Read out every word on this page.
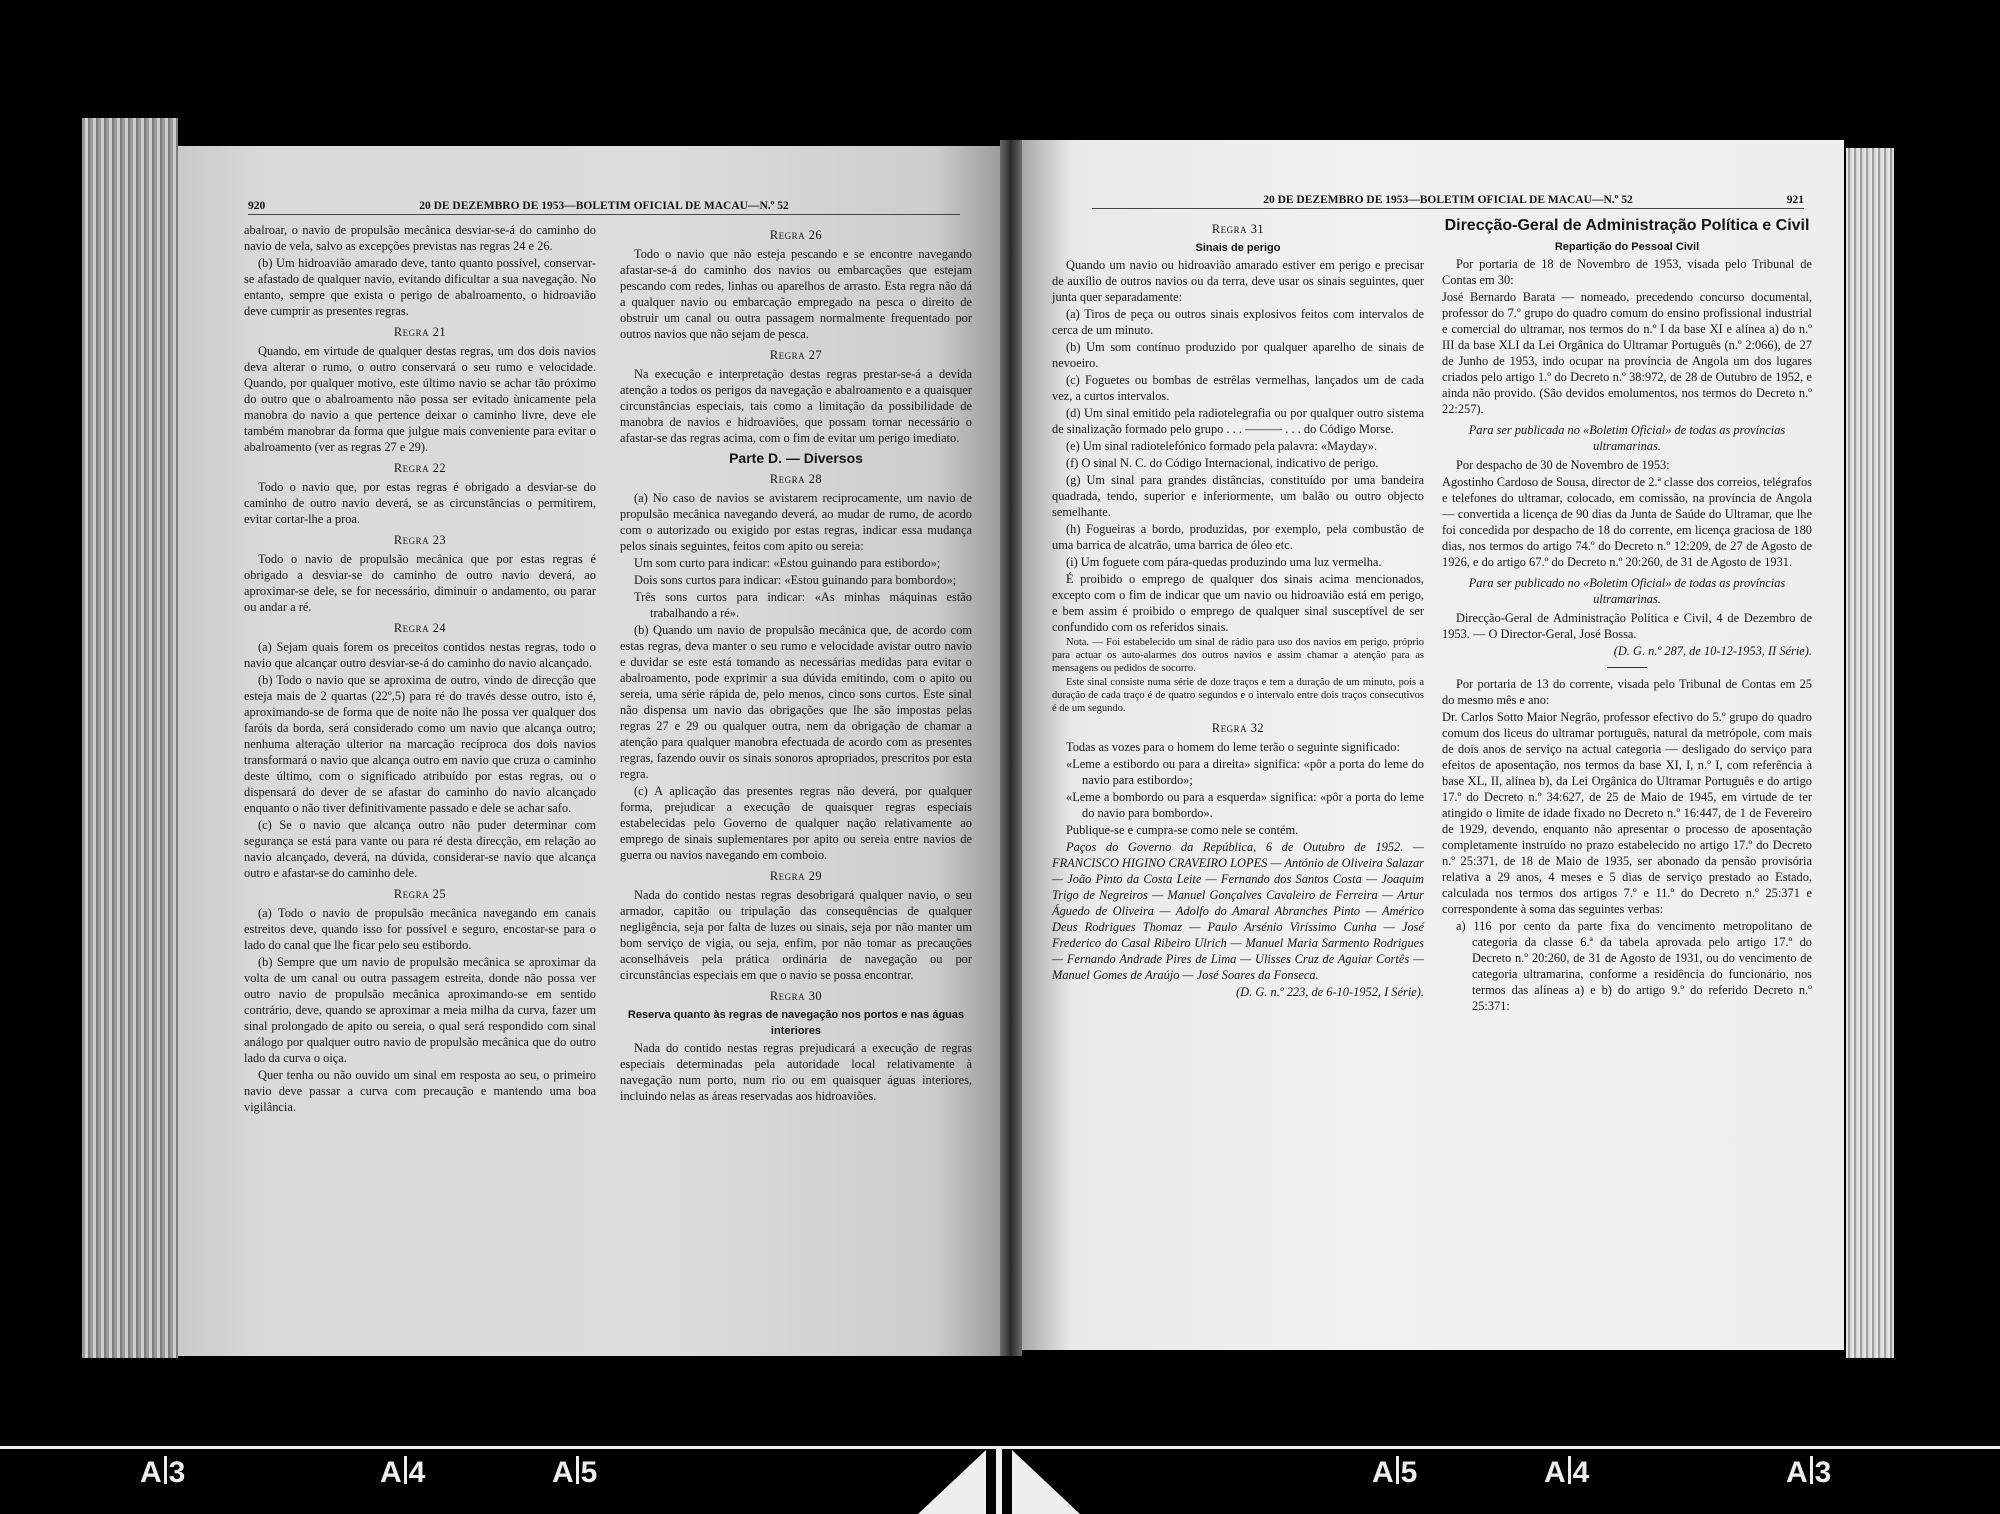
920	20 DE DEZEMBRO DE 1953—BOLETIM OFICIAL DE MACAU—N.º 52

abalroar, o navio de propulsão mecânica desviar-se-á do caminho do navio de vela, salvo as excepções previstas nas regras 24 e 26.

(b) Um hidroavião amarado deve, tanto quanto possível, conservar-se afastado de qualquer navio, evitando dificultar a sua navegação. No entanto, sempre que exista o perigo de abalroamento, o hidroavião deve cumprir as presentes regras.

Regra 21

Quando, em virtude de qualquer destas regras, um dos dois navios deva alterar o rumo, o outro conservará o seu rumo e velocidade. Quando, por qualquer motivo, este último navio se achar tão próximo do outro que o abalroamento não possa ser evitado ùnicamente pela manobra do navio a que pertence deixar o caminho livre, deve ele também manobrar da forma que julgue mais conveniente para evitar o abalroamento (ver as regras 27 e 29).

Regra 22

Todo o navio que, por estas regras é obrigado a desviar-se do caminho de outro navio deverá, se as circunstâncias o permitirem, evitar cortar-lhe a proa.

Regra 23

Todo o navio de propulsão mecânica que por estas regras é obrigado a desviar-se do caminho de outro navio deverá, ao aproximar-se dele, se for necessário, diminuir o andamento, ou parar ou andar a ré.

Regra 24

(a) Sejam quais forem os preceitos contidos nestas regras, todo o navio que alcançar outro desviar-se-á do caminho do navio alcançado.

(b) Todo o navio que se aproxima de outro, vindo de direcção que esteja mais de 2 quartas (22º,5) para ré do través desse outro, isto é, aproximando-se de forma que de noite não lhe possa ver qualquer dos faróis da borda, será considerado como um navio que alcança outro; nenhuma alteração ulterior na marcação recíproca dos dois navios transformará o navio que alcança outro em navio que cruza o caminho deste último, com o significado atribuído por estas regras, ou o dispensará do dever de se afastar do caminho do navio alcançado enquanto o não tiver definitivamente passado e dele se achar safo.

(c) Se o navio que alcança outro não puder determinar com segurança se está para vante ou para ré desta direcção, em relação ao navio alcançado, deverá, na dúvida, considerar-se navio que alcança outro e afastar-se do caminho dele.

Regra 25

(a) Todo o navio de propulsão mecânica navegando em canais estreitos deve, quando isso for possível e seguro, encostar-se para o lado do canal que lhe ficar pelo seu estibordo.

(b) Sempre que um navio de propulsão mecânica se aproximar da volta de um canal ou outra passagem estreita, donde não possa ver outro navio de propulsão mecânica aproximando-se em sentido contrário, deve, quando se aproximar a meia milha da curva, fazer um sinal prolongado de apito ou sereia, o qual será respondido com sinal análogo por qualquer outro navio de propulsão mecânica que do outro lado da curva o oiça.

Quer tenha ou não ouvido um sinal em resposta ao seu, o primeiro navio deve passar a curva com precaução e mantendo uma boa vigilância.

Regra 26

Todo o navio que não esteja pescando e se encontre navegando afastar-se-á do caminho dos navios ou embarcações que estejam pescando com redes, linhas ou aparelhos de arrasto. Esta regra não dá a qualquer navio ou embarcação empregado na pesca o direito de obstruir um canal ou outra passagem normalmente frequentado por outros navios que não sejam de pesca.

Regra 27

Na execução e interpretação destas regras prestar-se-á a devida atenção a todos os perigos da navegação e abalroamento e a quaisquer circunstâncias especiais, tais como a limitação da possibilidade de manobra de navios e hidroaviões, que possam tornar necessário o afastar-se das regras acima, com o fim de evitar um perigo imediato.

Parte D. — Diversos

Regra 28

(a) No caso de navios se avistarem reciprocamente, um navio de propulsão mecânica navegando deverá, ao mudar de rumo, de acordo com o autorizado ou exigido por estas regras, indicar essa mudança pelos sinais seguintes, feitos com apito ou sereia:

Um som curto para indicar: «Estou guinando para estibordo»;

Dois sons curtos para indicar: «Estou guinando para bombordo»;

Três sons curtos para indicar: «As minhas máquinas estão trabalhando a ré».

(b) Quando um navio de propulsão mecânica que, de acordo com estas regras, deva manter o seu rumo e velocidade avistar outro navio e duvidar se este está tomando as necessárias medidas para evitar o abalroamento, pode exprimir a sua dúvida emitindo, com o apito ou sereia, uma série rápida de, pelo menos, cinco sons curtos. Este sinal não dispensa um navio das obrigações que lhe são impostas pelas regras 27 e 29 ou qualquer outra, nem da obrigação de chamar a atenção para qualquer manobra efectuada de acordo com as presentes regras, fazendo ouvir os sinais sonoros apropriados, prescritos por esta regra.

(c) A aplicação das presentes regras não deverá, por qualquer forma, prejudicar a execução de quaisquer regras especiais estabelecidas pelo Governo de qualquer nação relativamente ao emprego de sinais suplementares por apito ou sereia entre navios de guerra ou navios navegando em comboio.

Regra 29

Nada do contido nestas regras desobrigará qualquer navio, o seu armador, capitão ou tripulação das consequências de qualquer negligência, seja por falta de luzes ou sinais, seja por não manter um bom serviço de vigia, ou seja, enfim, por não tomar as precauções aconselháveis pela prática ordinária de navegação ou por circunstâncias especiais em que o navio se possa encontrar.

Regra 30

Reserva quanto às regras de navegação nos portos e nas águas interiores

Nada do contido nestas regras prejudicará a execução de regras especiais determinadas pela autoridade local relativamente à navegação num porto, num rio ou em quaisquer águas interiores, incluindo nelas as áreas reservadas aos hidroaviões.

20 DE DEZEMBRO DE 1953—BOLETIM OFICIAL DE MACAU—N.º 52	921

Regra 31

Sinais de perigo

Quando um navio ou hidroavião amarado estiver em perigo e precisar de auxílio de outros navios ou da terra, deve usar os sinais seguintes, quer junta quer separadamente:

(a) Tiros de peça ou outros sinais explosivos feitos com intervalos de cerca de um minuto.

(b) Um som contínuo produzido por qualquer aparelho de sinais de nevoeiro.

(c) Foguetes ou bombas de estrêlas vermelhas, lançados um de cada vez, a curtos intervalos.

(d) Um sinal emitido pela radiotelegrafia ou por qualquer outro sistema de sinalização formado pelo grupo . . . ——— . . . do Código Morse.

(e) Um sinal radiotelefónico formado pela palavra: «Mayday».

(f) O sinal N. C. do Código Internacional, indicativo de perigo.

(g) Um sinal para grandes distâncias, constituído por uma bandeira quadrada, tendo, superior e inferiormente, um balão ou outro objecto semelhante.

(h) Fogueiras a bordo, produzidas, por exemplo, pela combustão de uma barrica de alcatrão, uma barrica de óleo etc.

(i) Um foguete com pára-quedas produzindo uma luz vermelha.

É proibido o emprego de qualquer dos sinais acima mencionados, excepto com o fim de indicar que um navio ou hidroavião está em perigo, e bem assim é proibido o emprego de qualquer sinal susceptível de ser confundido com os referidos sinais.

Nota. — Foi estabelecido um sinal de rádio para uso dos navios em perigo, próprio para actuar os auto-alarmes dos outros navios e assim chamar a atenção para as mensagens ou pedidos de socorro.

Este sinal consiste numa série de doze traços e tem a duração de um minuto, pois a duração de cada traço é de quatro segundos e o intervalo entre dois traços consecutivos é de um segundo.

Regra 32

Todas as vozes para o homem do leme terão o seguinte significado:

«Leme a estibordo ou para a direita» significa: «pôr a porta do leme do navio para estibordo»;

«Leme a bombordo ou para a esquerda» significa: «pôr a porta do leme do navio para bombordo».

Publique-se e cumpra-se como nele se contém.

Paços do Governo da República, 6 de Outubro de 1952. — FRANCISCO HIGINO CRAVEIRO LOPES — António de Oliveira Salazar — João Pinto da Costa Leite — Fernando dos Santos Costa — Joaquim Trigo de Negreiros — Manuel Gonçalves Cavaleiro de Ferreira — Artur Águedo de Oliveira — Adolfo do Amaral Abranches Pinto — Américo Deus Rodrigues Thomaz — Paulo Arsénio Viríssimo Cunha — José Frederico do Casal Ribeiro Ulrich — Manuel Maria Sarmento Rodrigues — Fernando Andrade Pires de Lima — Ulisses Cruz de Aguiar Cortês — Manuel Gomes de Araújo — José Soares da Fonseca.

(D. G. n.º 223, de 6-10-1952, I Série).

Direcção-Geral de Administração Política e Civil

Repartição do Pessoal Civil

Por portaria de 18 de Novembro de 1953, visada pelo Tribunal de Contas em 30:

José Bernardo Barata — nomeado, precedendo concurso documental, professor do 7.º grupo do quadro comum do ensino profissional industrial e comercial do ultramar, nos termos do n.º I da base XI e alínea a) do n.º III da base XLI da Lei Orgânica do Ultramar Português (n.º 2:066), de 27 de Junho de 1953, indo ocupar na província de Angola um dos lugares criados pelo artigo 1.º do Decreto n.º 38:972, de 28 de Outubro de 1952, e ainda não provido. (São devidos emolumentos, nos termos do Decreto n.º 22:257).

Para ser publicada no «Boletim Oficial» de todas as províncias ultramarinas.

Por despacho de 30 de Novembro de 1953:

Agostinho Cardoso de Sousa, director de 2.ª classe dos correios, telégrafos e telefones do ultramar, colocado, em comissão, na província de Angola — convertida a licença de 90 dias da Junta de Saúde do Ultramar, que lhe foi concedida por despacho de 18 do corrente, em licença graciosa de 180 dias, nos termos do artigo 74.º do Decreto n.º 12:209, de 27 de Agosto de 1926, e do artigo 67.º do Decreto n.º 20:260, de 31 de Agosto de 1931.

Para ser publicado no «Boletim Oficial» de todas as províncias ultramarinas.

Direcção-Geral de Administração Política e Civil, 4 de Dezembro de 1953. — O Director-Geral, José Bossa.

(D. G. n.º 287, de 10-12-1953, II Série).

Por portaria de 13 do corrente, visada pelo Tribunal de Contas em 25 do mesmo mês e ano:

Dr. Carlos Sotto Maior Negrão, professor efectivo do 5.º grupo do quadro comum dos liceus do ultramar português, natural da metrópole, com mais de dois anos de serviço na actual categoria — desligado do serviço para efeitos de aposentação, nos termos da base XI, I, n.º I, com referência à base XL, II, alínea b), da Lei Orgânica do Ultramar Português e do artigo 17.º do Decreto n.º 34:627, de 25 de Maio de 1945, em virtude de ter atingido o limite de idade fixado no Decreto n.º 16:447, de 1 de Fevereiro de 1929, devendo, enquanto não apresentar o processo de aposentação completamente instruído no prazo estabelecido no artigo 17.º do Decreto n.º 25:371, de 18 de Maio de 1935, ser abonado da pensão provisória relativa a 29 anos, 4 meses e 5 dias de serviço prestado ao Estado, calculada nos termos dos artigos 7.º e 11.º do Decreto n.º 25:371 e correspondente à soma das seguintes verbas:

a) 116 por cento da parte fixa do vencimento metropolitano de categoria da classe 6.ª da tabela aprovada pelo artigo 17.º do Decreto n.º 20:260, de 31 de Agosto de 1931, ou do vencimento de categoria ultramarina, conforme a residência do funcionário, nos termos das alíneas a) e b) do artigo 9.º do referido Decreto n.º 25:371:

A 3	A 4	A 5	A 5	A 4	A 3
